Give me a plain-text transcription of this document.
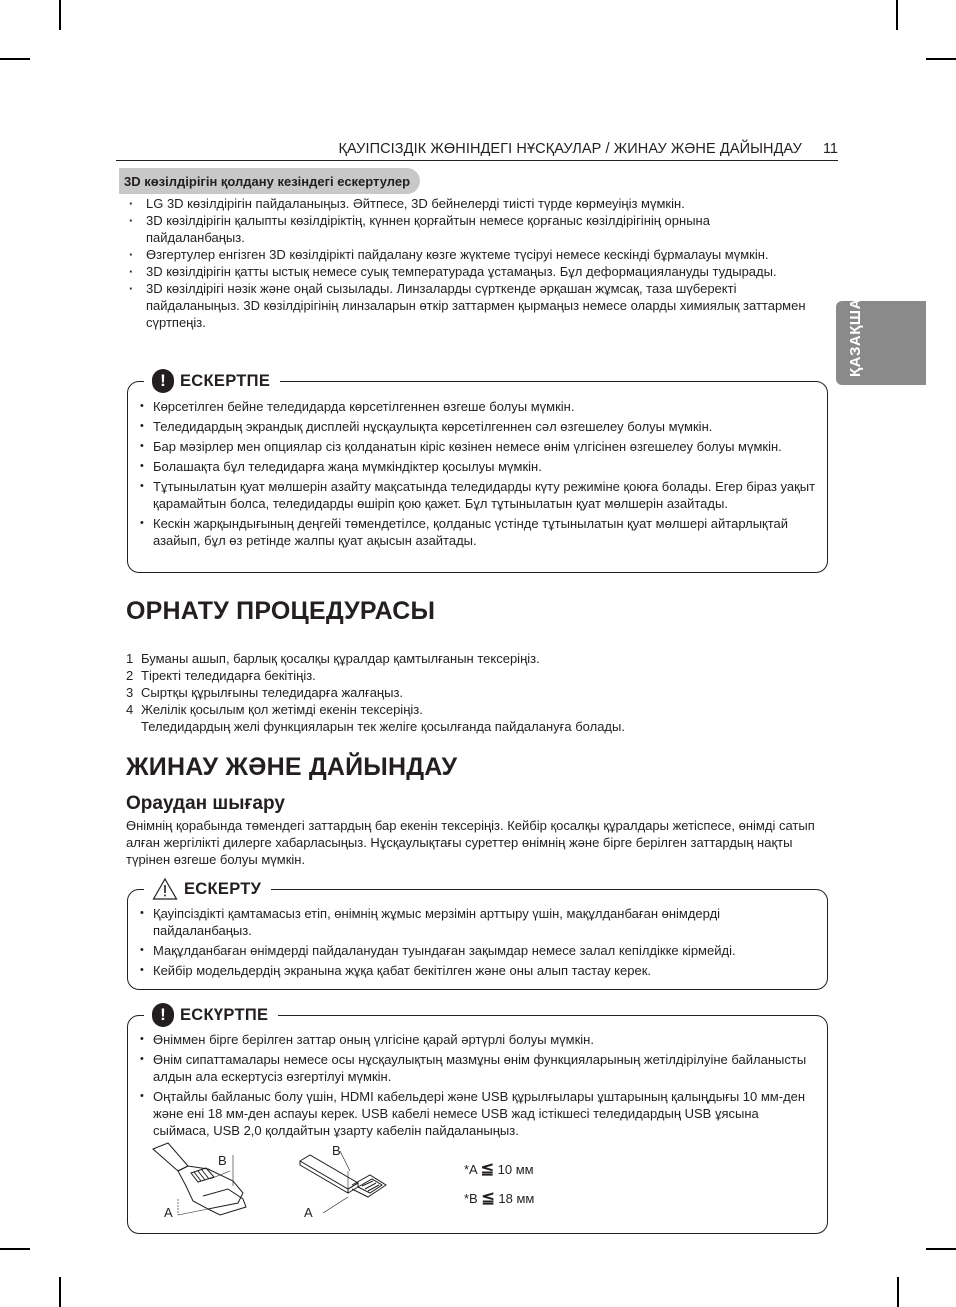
ҚАУІПСІЗДІК ЖӨНІНДЕГІ НҰСҚАУЛАР / ЖИНАУ ЖӘНЕ ДАЙЫНДАУ 11
ҚАЗАҚША
3D көзілдірігін қолдану кезіндегі ескертулер
· LG 3D көзілдірігін пайдаланыңыз. Әйтпесе, 3D бейнелерді тиісті түрде көрмеуіңіз мүмкін.
· 3D көзілдірігін қалыпты көзілдіріктің, күннен қорғайтын немесе қорғаныс көзілдірігінің орнына пайдаланбаңыз.
· Өзгертулер енгізген 3D көзілдірікті пайдалану көзге жүктеме түсіруі немесе кескінді бұрмалауы мүмкін.
· 3D көзілдірігін қатты ыстық немесе суық температурада ұстамаңыз. Бұл деформациялануды тудырады.
· 3D көзілдірігі нәзік және оңай сызылады. Линзаларды сүрткенде әрқашан жұмсақ, таза шүберекті пайдаланыңыз. 3D көзілдірігінің линзаларын өткір заттармен қырмаңыз немесе оларды химиялық заттармен сүртпеңіз.
! ЕСКЕРТПЕ
• Көрсетілген бейне теледидарда көрсетілгеннен өзгеше болуы мүмкін.
• Теледидардың экрандық дисплейі нұсқаулықта көрсетілгеннен сәл өзгешелеу болуы мүмкін.
• Бар мәзірлер мен опциялар сіз қолданатын кіріс көзінен немесе өнім үлгісінен өзгешелеу болуы мүмкін.
• Болашақта бұл теледидарға жаңа мүмкіндіктер қосылуы мүмкін.
• Тұтынылатын қуат мөлшерін азайту мақсатында теледидарды күту режиміне қоюға болады. Егер біраз уақыт қарамайтын болса, теледидарды өшіріп қою қажет. Бұл тұтынылатын қуат мөлшерін азайтады.
• Кескін жарқындығының деңгейі төмендетілсе, қолданыс үстінде тұтынылатын қуат мөлшері айтарлықтай азайып, бұл өз ретінде жалпы қуат ақысын азайтады.
ОРНАТУ ПРОЦЕДУРАСЫ
1 Буманы ашып, барлық қосалқы құралдар қамтылғанын тексеріңіз.
2 Тіректі теледидарға бекітіңіз.
3 Сыртқы құрылғыны теледидарға жалғаңыз.
4 Желілік қосылым қол жетімді екенін тексеріңіз.
Теледидардың желі функцияларын тек желіге қосылғанда пайдалануға болады.
ЖИНАУ ЖӘНЕ ДАЙЫНДАУ
Ораудан шығару

Өнімнің қорабында төмендегі заттардың бар екенін тексеріңіз. Кейбір қосалқы құралдары жетіспесе, өнімді сатып алған жергілікті дилерге хабарласыңыз. Нұсқаулықтағы суреттер өнімнің және бірге берілген заттардың нақты түрінен өзгеше болуы мүмкін.

ЕСКЕРТУ
• Қауіпсіздікті қамтамасыз етіп, өнімнің жұмыс мерзімін арттыру үшін, мақұлданбаған өнімдерді пайдаланбаңыз.
• Мақұлданбаған өнімдерді пайдаланудан туындаған зақымдар немесе залал кепілдікке кірмейді.
• Кейбір модельдердің экранына жұқа қабат бекітілген және оны алып тастау керек.
! ЕСКҮРТПЕ
• Өніммен бірге берілген заттар оның үлгісіне қарай әртүрлі болуы мүмкін.
• Өнім сипаттамалары немесе осы нұсқаулықтың мазмұны өнім функцияларының жетілдірілуіне байланысты алдын ала ескертусіз өзгертілуі мүмкін.
• Оңтайлы байланыс болу үшін, HDMI кабельдері және USB құрылғылары ұштарының қалыңдығы 10 мм-ден және ені 18 мм-ден аспауы керек. USB кабелі немесе USB жад істікшесі теледидардың USB ұясына сыймаса, USB 2,0 қолдайтын ұзарту кабелін пайдаланыңыз.
B
A
B
A
*A ≦ 10 мм
*B ≦ 18 мм
